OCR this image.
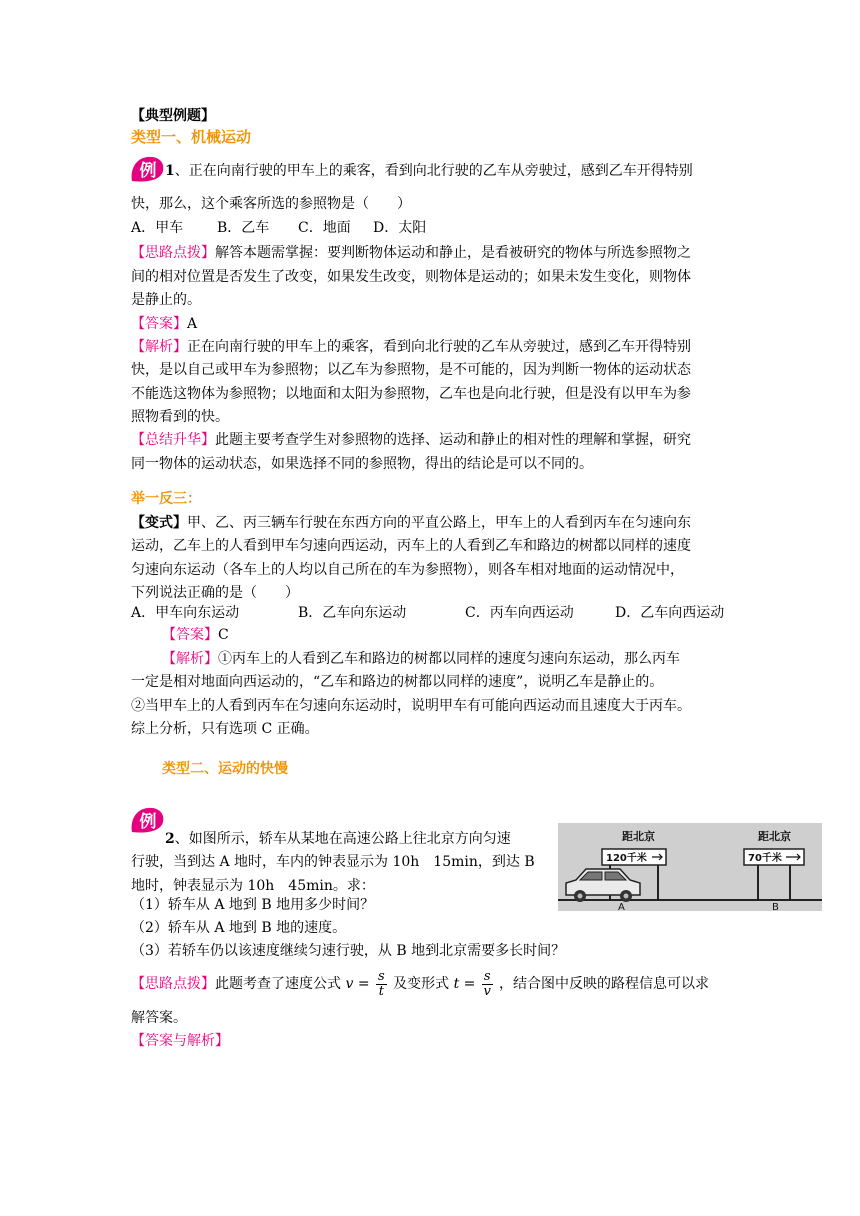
【典型例题】
类型一、机械运动
例 1、正在向南行驶的甲车上的乘客，看到向北行驶的乙车从旁驶过，感到乙车开得特别
快，那么，这个乘客所选的参照物是（　　）
A．甲车 B．乙车 C．地面 D．太阳
【思路点拨】解答本题需掌握：要判断物体运动和静止，是看被研究的物体与所选参照物之
间的相对位置是否发生了改变，如果发生改变，则物体是运动的；如果未发生变化，则物体
是静止的。
【答案】A
【解析】正在向南行驶的甲车上的乘客，看到向北行驶的乙车从旁驶过，感到乙车开得特别
快，是以自己或甲车为参照物；以乙车为参照物，是不可能的，因为判断一物体的运动状态
不能选这物体为参照物；以地面和太阳为参照物，乙车也是向北行驶，但是没有以甲车为参
照物看到的快。
【总结升华】此题主要考查学生对参照物的选择、运动和静止的相对性的理解和掌握，研究
同一物体的运动状态，如果选择不同的参照物，得出的结论是可以不同的。
举一反三：
【变式】甲、乙、丙三辆车行驶在东西方向的平直公路上，甲车上的人看到丙车在匀速向东
运动，乙车上的人看到甲车匀速向西运动，丙车上的人看到乙车和路边的树都以同样的速度
匀速向东运动（各车上的人均以自己所在的车为参照物），则各车相对地面的运动情况中，
下列说法正确的是（　　）
A．甲车向东运动	B．乙车向东运动	C．丙车向西运动	D．乙车向西运动
【答案】C
【解析】①丙车上的人看到乙车和路边的树都以同样的速度匀速向东运动，那么丙车
一定是相对地面向西运动的，“乙车和路边的树都以同样的速度”，说明乙车是静止的。
②当甲车上的人看到丙车在匀速向东运动时，说明甲车有可能向西运动而且速度大于丙车。
综上分析，只有选项 C 正确。
类型二、运动的快慢
例
2、如图所示，轿车从某地在高速公路上往北京方向匀速
行驶，当到达 A 地时，车内的钟表显示为 10h　15min，到达 B
地时，钟表显示为 10h　45min。求：
（1）轿车从 A 地到 B 地用多少时间？
（2）轿车从 A 地到 B 地的速度。
（3）若轿车仍以该速度继续匀速行驶，从 B 地到北京需要多长时间？
【思路点拨】此题考查了速度公式 $v = \frac{s}{t}$ 及变形式 $t = \frac{s}{v}$ ，结合图中反映的路程信息可以求
解答案。
【答案与解析】
距北京
120千米
距北京
70千米
A	B
